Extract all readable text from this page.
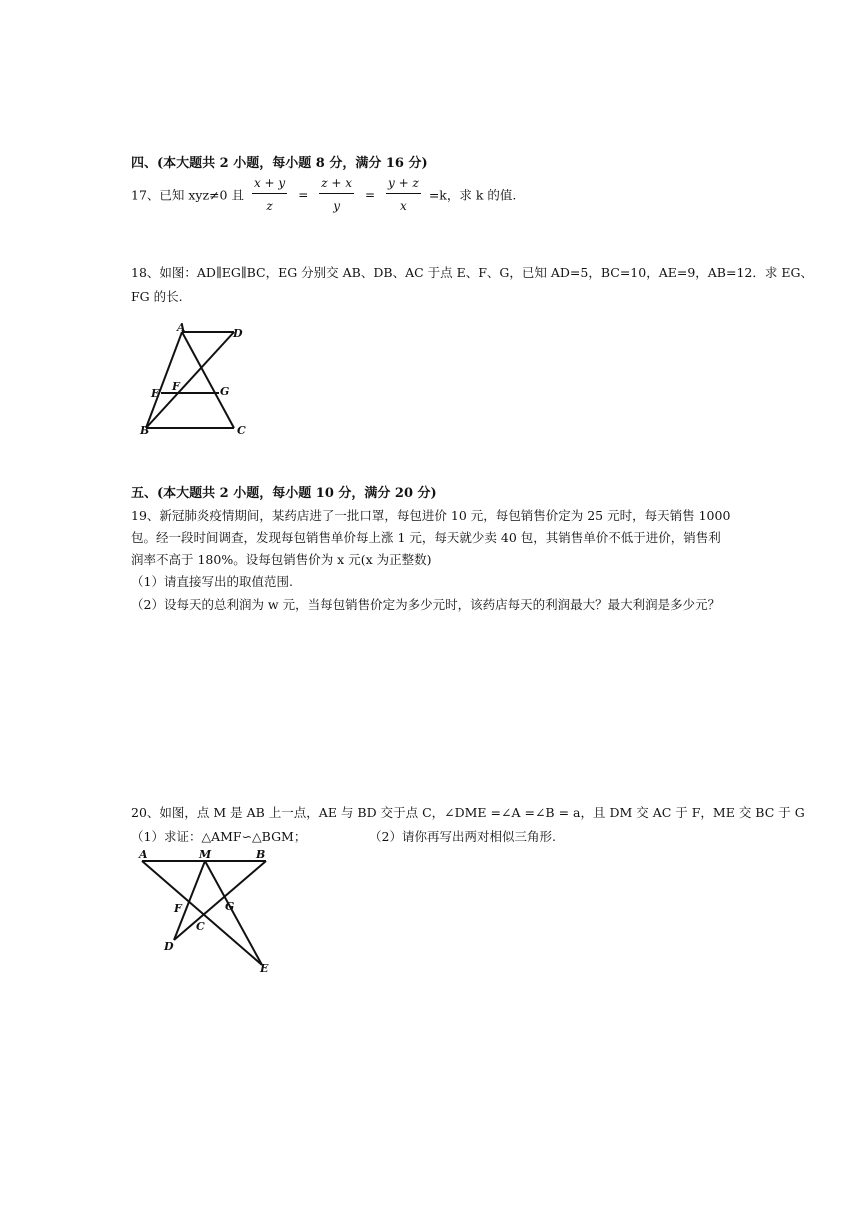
四、(本大题共 2 小题，每小题 8 分，满分 16 分)
17、已知 xyz≠0 且 $\frac{x + y}{z} = \frac{z + x}{y} = \frac{y + z}{x} =k$，求 k 的值.
18、如图：AD∥EG∥BC，EG 分别交 AB、DB、AC 于点 E、F、G，已知 AD=5，BC=10，AE=9，AB=12．求 EG、
FG 的长.
A	D
E
F	G
B	C
五、(本大题共 2 小题，每小题 10 分，满分 20 分)
19、新冠肺炎疫情期间，某药店进了一批口罩，每包进价 10 元，每包销售价定为 25 元时，每天销售 1000
包。经一段时间调查，发现每包销售单价每上涨 1 元，每天就少卖 40 包，其销售单价不低于进价，销售利
润率不高于 180%。设每包销售价为 x 元(x 为正整数)
（1）请直接写出的取值范围.
（2）设每天的总利润为 w 元，当每包销售价定为多少元时，该药店每天的利润最大？最大利润是多少元？
20、如图，点 M 是 AB 上一点，AE 与 BD 交于点 C，∠DME =∠A =∠B = a，且 DM 交 AC 于 F，ME 交 BC 于 G
（1）求证：△AMF∽△BGM；	（2）请你再写出两对相似三角形.
A	M	B
F	G
C
D
E
